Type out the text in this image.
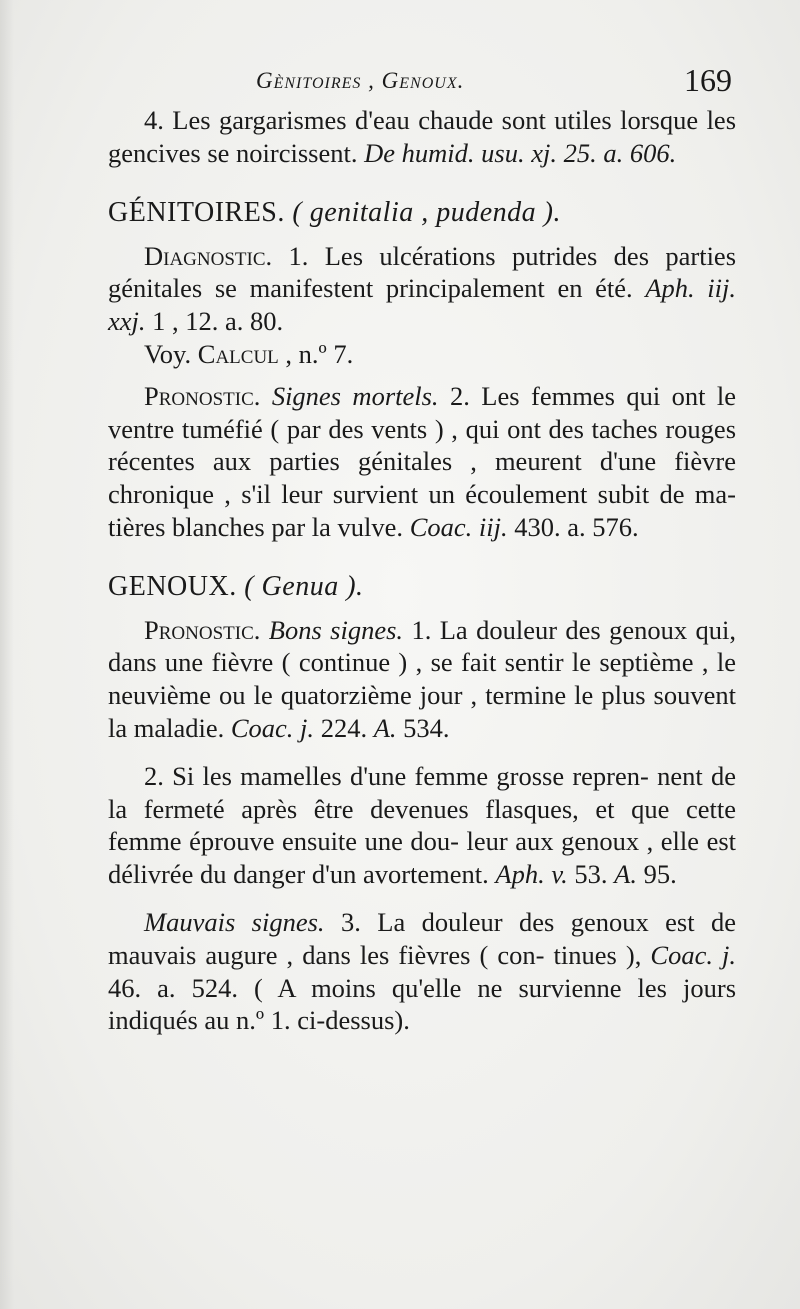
Gènitoires , Genoux.	169

4. Les gargarismes d'eau chaude sont utiles lorsque les gencives se noircissent. De humid. usu. xj. 25. a. 606.

GÉNITOIRES. ( genitalia , pudenda ).

Diagnostic. 1. Les ulcérations putrides des parties génitales se manifestent principalement en été. Aph. iij. xxj. 1 , 12. a. 80.

Voy. Calcul , n.º 7.

Pronostic. Signes mortels. 2. Les femmes qui ont le ventre tuméfié ( par des vents ) , qui ont des taches rouges récentes aux parties génitales , meurent d'une fièvre chronique , s'il leur survient un écoulement subit de ma- tières blanches par la vulve. Coac. iij. 430. a. 576.

GENOUX. ( Genua ).

Pronostic. Bons signes. 1. La douleur des genoux qui, dans une fièvre ( continue ) , se fait sentir le septième , le neuvième ou le quatorzième jour , termine le plus souvent la maladie. Coac. j. 224. A. 534.

2. Si les mamelles d'une femme grosse repren- nent de la fermeté après être devenues flasques, et que cette femme éprouve ensuite une dou- leur aux genoux , elle est délivrée du danger d'un avortement. Aph. v. 53. A. 95.

Mauvais signes. 3. La douleur des genoux est de mauvais augure , dans les fièvres ( con- tinues ), Coac. j. 46. a. 524. ( A moins qu'elle ne survienne les jours indiqués au n.º 1. ci-dessus).
